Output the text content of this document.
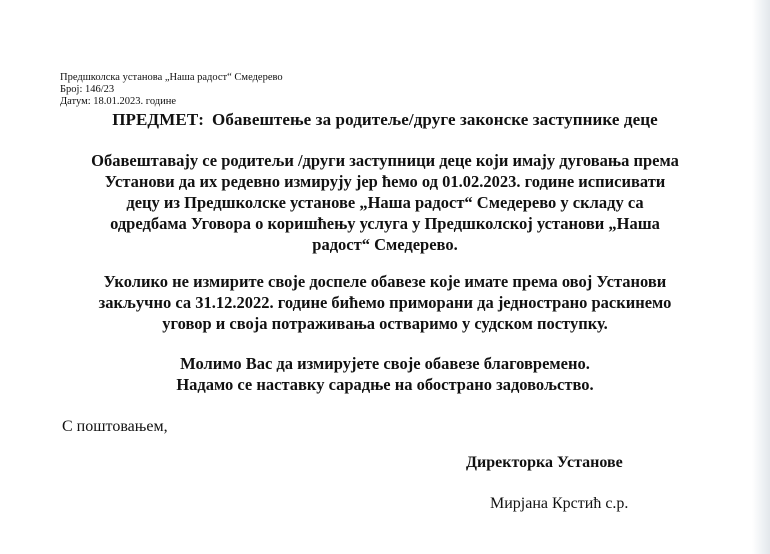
Предшколска установа „Наша радост“ Смедерево
Број: 146/23
Датум: 18.01.2023. године
ПРЕДМЕТ: Обавештење за родитеље/друге законске заступнике деце
Обавештавају се родитељи /други заступници деце који имају дуговања према
Установи да их редевно измирују јер ћемо од 01.02.2023. године исписивати
децу из Предшколске установе „Наша радост“ Смедерево у складу са
одредбама Уговора о коришћењу услуга у Предшколској установи „Наша
радост“ Смедерево.
Уколико не измирите своје доспеле обавезе које имате према овој Установи
закључно са 31.12.2022. године бићемо приморани да једнострано раскинемо
уговор и своја потраживања остваримо у судском поступку.
Молимо Вас да измирујете своје обавезе благовремено.
Надамо се наставку сарадње на обострано задовољство.
С поштовањем,
Директорка Установе
Мирјана Крстић с.р.
